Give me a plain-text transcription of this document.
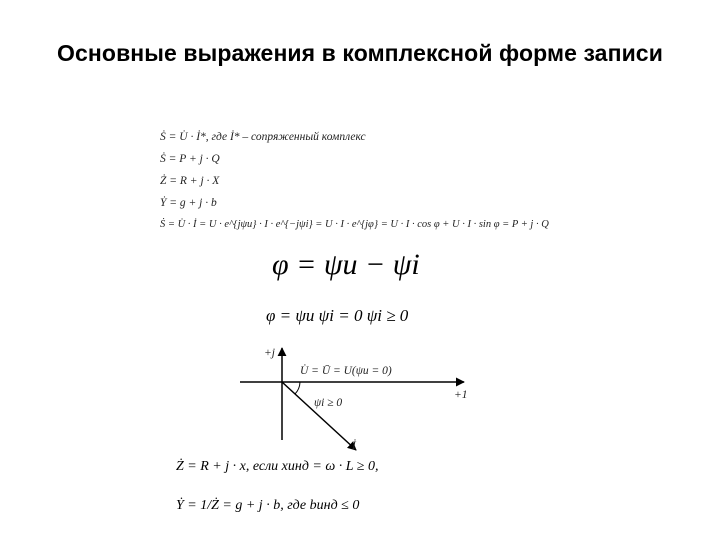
Основные выражения в комплексной форме записи
Ṡ = U̇ · İ*, где İ* – сопряженный комплекс
Ṡ = P + j · Q
Ż = R + j · X
Ẏ = g + j · b
Ṡ = U̇ · İ = U · e^{jψu} · I · e^{−jψi} = U · I · e^{jφ} = U · I · cos φ + U · I · sin φ = P + j · Q
φ = ψu − ψi
φ = ψu ψi = 0 ψi ≥ 0
+j
+1
U̇ = Ū = U(ψu = 0)
ψi ≥ 0
İ
Ż = R + j · x, если xинд = ω · L ≥ 0,
Ẏ = 1/Ż = g + j · b, где bинд ≤ 0
